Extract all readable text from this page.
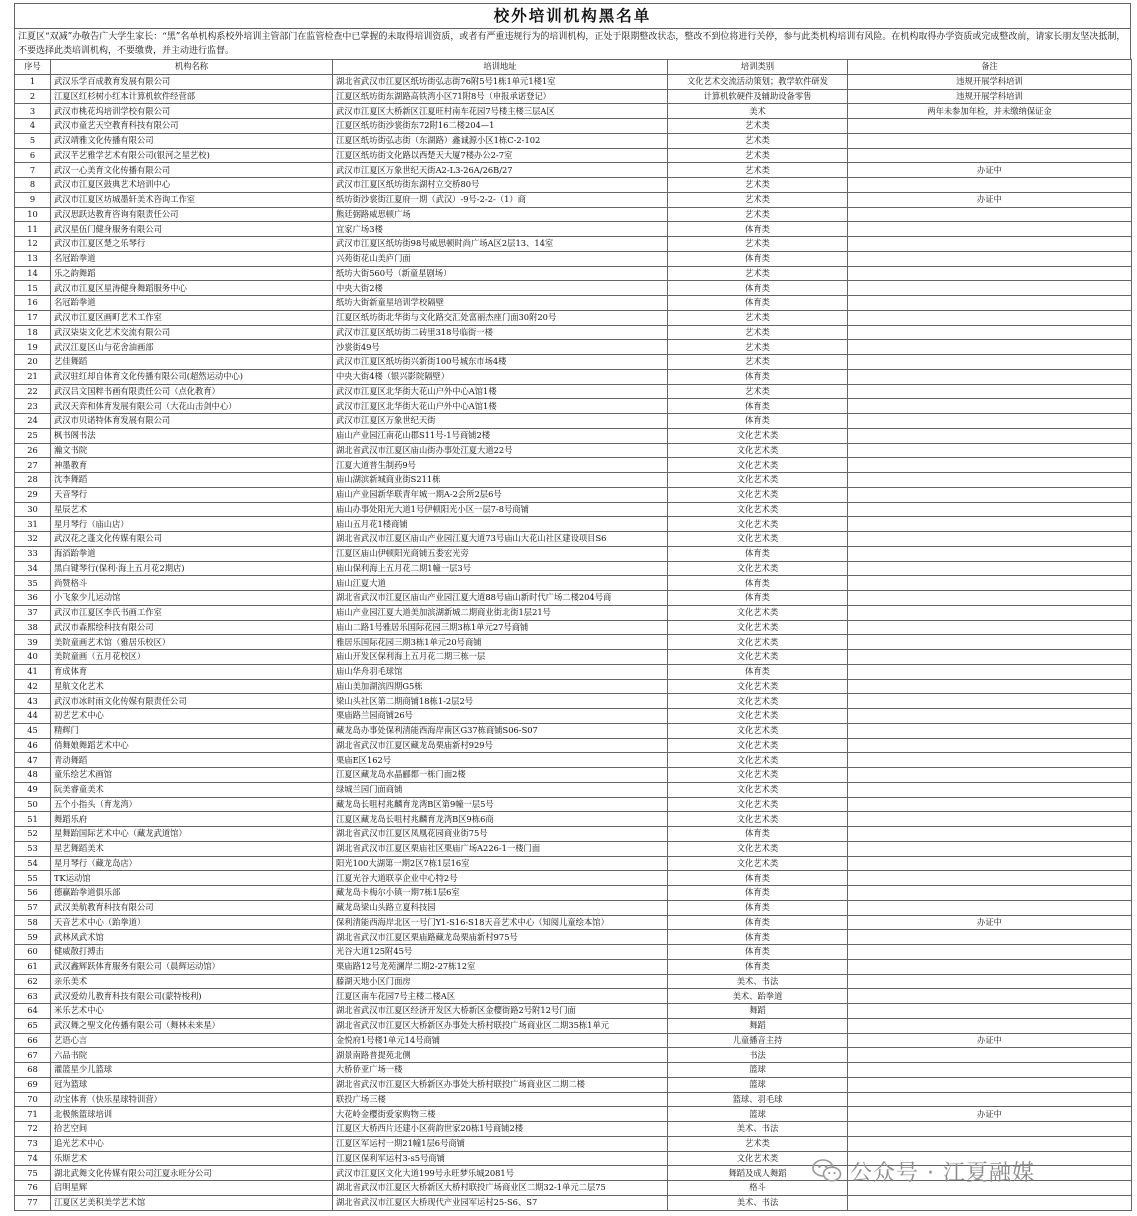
校外培训机构黑名单
江夏区“双减”办敬告广大学生家长：“黑”名单机构系校外培训主管部门在监管检查中已掌握的未取得培训资质，或者有严重违规行为的培训机构，正处于限期整改状态，整改不到位将进行关停，参与此类机构培训有风险。在机构取得办学资质或完成整改前，请家长朋友坚决抵制，不要选择此类培训机构，不要缴费，并主动进行监督。
序号	机构名称	培训地址	培训类别	备注
1	武汉乐学百成教育发展有限公司	湖北省武汉市江夏区纸坊街弘志街76附5号1栋1单元1楼1室	文化艺术交流活动策划；教学软件研发	违规开展学科培训
2	江夏区红杉树小红本计算机软件经营部	江夏区纸坊街东湖路高铁湾小区71附8号（申报承诺登记）	计算机软硬件及辅助设备零售	违规开展学科培训
3	武汉市桃花坞培训学校有限公司	武汉市江夏区大桥新区江夏旺村南车花园7号楼主楼三层A区	美术	两年未参加年检，并未缴纳保证金
4	武汉市童艺天空教育科技有限公司	江夏区纸坊街沙裳街东72附16二楼204—1	艺术类	
5	武汉靖雅文化传播有限公司	江夏区纸坊街弘志街（东湖路）鑫诚源小区1栋C-2-102	艺术类	
6	武汉芊艺雅学艺术有限公司(银河之星艺校)	江夏区纸坊街文化路以西楚天大厦7楼办公2-7室	艺术类	
7	武汉一心美育文化传播有限公司	武汉市江夏区万象世纪天街A2-L3-26A/26B/27	艺术类	办证中
8	武汉市江夏区鼓典艺术培训中心	武汉市江夏区纸坊街东湖村立交桥80号	艺术类	
9	武汉市江夏区坊城墨轩美术咨询工作室	纸坊街沙裳街江夏府一期（武汉）-9号-2-2-（1）商	艺术类	办证中
10	武汉思跃达教育咨询有限责任公司	熊廷弼路威思顿广场	艺术类	
11	武汉星伍门健身服务有限公司	宜家广场3楼	体育类	
12	武汉市江夏区楚之乐琴行	武汉市江夏区纸坊街98号威思顿时尚广场A区2层13、14室	艺术类	
13	名冠跆拳道	兴苑街花山美庐门面	体育类	
14	乐之韵舞蹈	纸坊大街560号（新童星剧场）	艺术类	
15	武汉市江夏区星涛健身舞蹈服务中心	中央大街2楼	体育类	
16	名冠跆拳道	纸坊大街新童星培训学校隔壁	体育类	
17	武汉市江夏区画町艺术工作室	江夏区纸坊街北华街与文化路交汇处富丽杰座门面30附20号	艺术类	
18	武汉柒柒文化艺术交流有限公司	武汉市江夏区纸坊街二砖里318号临街一楼	艺术类	
19	武汉江夏区山与花舍油画部	沙裳街49号	艺术类	
20	艺佳舞蹈	武汉市江夏区纸坊街兴新街100号城东市场4楼	艺术类	
21	武汉驻红却自体育文化传播有限公司(超然运动中心)	中央大街4楼（银兴影院隔壁）	体育类	
22	武汉吕文国粹书画有限责任公司（点化教育）	武汉市江夏区北华街大花山户外中心A馆1楼	艺术类	
23	武汉天弈和体育发展有限公司（大花山击剑中心）	武汉市江夏区北华街大花山户外中心A馆1楼	体育类	
24	武汉市贝诺特体育发展有限公司	武汉市江夏区万象世纪天街	体育类	
25	枫书阁书法	庙山产业园江南花山郡S11号-1号商铺2楼	文化艺术类	
26	瀚文书院	湖北省武汉市江夏区庙山街办事处江夏大道22号	文化艺术类	
27	神墨教育	江夏大道普生制药9号	文化艺术类	
28	沈李舞蹈	庙山湖滨新城商业街S211栋	文化艺术类	
29	天音琴行	庙山产业园新华联青年城一期A-2会所2层6号	文化艺术类	
30	星辰艺术	庙山办事处阳光大道1号伊顿阳光小区一层7-8号商铺	文化艺术类	
31	星月琴行（庙山店）	庙山五月花1楼商铺	文化艺术类	
32	武汉花之蓬文化传媒有限公司	湖北省武汉市江夏区庙山产业园江夏大道73号庙山大花山社区建设项目S6	文化艺术类	
33	海滔跆拳道	江夏区庙山伊顿阳光商铺五娄宏光旁	体育类	
34	黑白键琴行(保利·海上五月花2期店)	庙山保利海上五月花二期1幢一层3号	文化艺术类	
35	尚赞格斗	庙山江夏大道	体育类	
36	小飞象少儿运动馆	湖北省武汉市江夏区庙山产业园江夏大道88号庙山新时代广场二楼204号商	体育类	
37	武汉市江夏区李氏书画工作室	庙山产业园江夏大道美加滨湖新城二期商业街北街1层21号	文化艺术类	
38	武汉市森熙绘科技有限公司	庙山二路1号雅居乐国际花园三期3栋1单元27号商铺	文化艺术类	
39	美院童画艺术馆（雅居乐校区）	雅居乐国际花园三期3栋1单元20号商铺	文化艺术类	
40	美院童画（五月花校区）	庙山开发区保利海上五月花二期三栋一层	文化艺术类	
41	育成体育	庙山华舟羽毛球馆	体育类	
42	星航文化艺术	庙山美加湖滨四期G5栋	文化艺术类	
43	武汉市冰时雨文化传媒有限责任公司	梁山头社区第二期商铺18栋1-2层2号	文化艺术类	
44	初艺艺术中心	栗庙路兰园商铺26号	文化艺术类	
45	精辉门	藏龙岛办事处保利清能西海岸南区G37栋商铺S06-S07	文化艺术类	
46	俏舞娘舞蹈艺术中心	湖北省武汉市江夏区藏龙岛栗庙新村929号	文化艺术类	
47	青动舞蹈	栗庙E区162号	文化艺术类	
48	童乐绘艺术画馆	江夏区藏龙岛水晶郦都一栋门面2楼	文化艺术类	
49	阮美睿童美术	绿城兰园门面商铺	文化艺术类	
50	五个小指头（育龙湾）	藏龙岛长咀村兆麟育龙湾B区第9幢一层5号	文化艺术类	
51	舞蹈乐府	江夏区藏龙岛长咀村兆麟育龙湾B区9栋6商	文化艺术类	
52	星舞跆国际艺术中心（藏龙武道馆）	湖北省武汉市江夏区凤凰花园商业街75号	体育类	
53	星艺舞蹈美术	湖北省武汉市江夏区栗庙社区栗庙广场A226-1一楼门面	文化艺术类	
54	星月琴行（藏龙岛店）	阳光100大湖第一期2区7栋1层16室	文化艺术类	
55	TK运动馆	江夏光谷大道联享企业中心特2号	体育类	
56	德赢跆拳道俱乐部	藏龙岛卡梅尔小镇一期7栋1层6室	体育类	
57	武汉美航教育科技有限公司	藏龙岛梁山头路立夏科技园	体育类	
58	天音艺术中心（跆拳道）	保利清能西海岸北区一号门Y1-S16-S18天音艺术中心（知阅儿童绘本馆）	体育类	办证中
59	武林风武术馆	湖北省武汉市江夏区栗庙路藏龙岛栗庙新村975号	体育类	
60	健威散打搏击	光谷大道125附45号	体育类	
61	武汉鑫辉跃体育服务有限公司（晨辉运动馆）	栗庙路12号龙苑澜岸二期2-27栋12室	体育类	
62	亲乐美术	藤湖天地小区门面房	美术、书法	
63	武汉爱幼儿教育科技有限公司(蒙特梭利)	江夏区南车花园7号主楼二楼A区	美术、跆拳道	
64	米乐艺术中心	湖北省武汉市江夏区经济开发区大桥新区金樱街路2号附12号门面	舞蹈	
65	武汉舞之聖文化传播有限公司（舞林未来星）	湖北省武汉市江夏区大桥新区办事处大桥村联投广场商业区二期35栋1单元	舞蹈	
66	艺语心言	金悦府1号楼1单元14号商铺	儿童播音主持	办证中
67	六品书院	湖景南路普提苑北侧	书法	
68	灌篮星少儿篮球	大桥侨亚广场一楼	篮球	
69	冠为篮球	湖北省武汉市江夏区大桥新区办事处大桥村联投广场商业区二期二楼	篮球	
70	动宝体育（快乐星球特训营）	联投广场三楼	篮球、羽毛球	
71	北极熊篮球培训	大花岭金樱街爱家购物三楼	篮球	办证中
72	拾艺空间	江夏区大桥西片还建小区荷韵世家20栋1号商铺2楼	美术、书法	
73	追光艺术中心	江夏区军运村一期21幢1层6号商铺	艺术类	
74	乐斯艺术	江夏区保利军运村3-s5号商铺	文化艺术类	
75	湖北武舞文化传媒有限公司江夏永旺分公司	武汉市江夏区文化大道199号永旺梦乐城2081号	舞蹈及成人舞蹈	
76	启明星辉	湖北省武汉市江夏区大桥新区大桥村联投广场商业区二期32-1单元二层75	格斗	
77	江夏区艺美积美学艺术馆	湖北省武汉市江夏区大桥现代产业园军运村25-S6、S7	美术、书法	
公众号 · 江夏融媒
